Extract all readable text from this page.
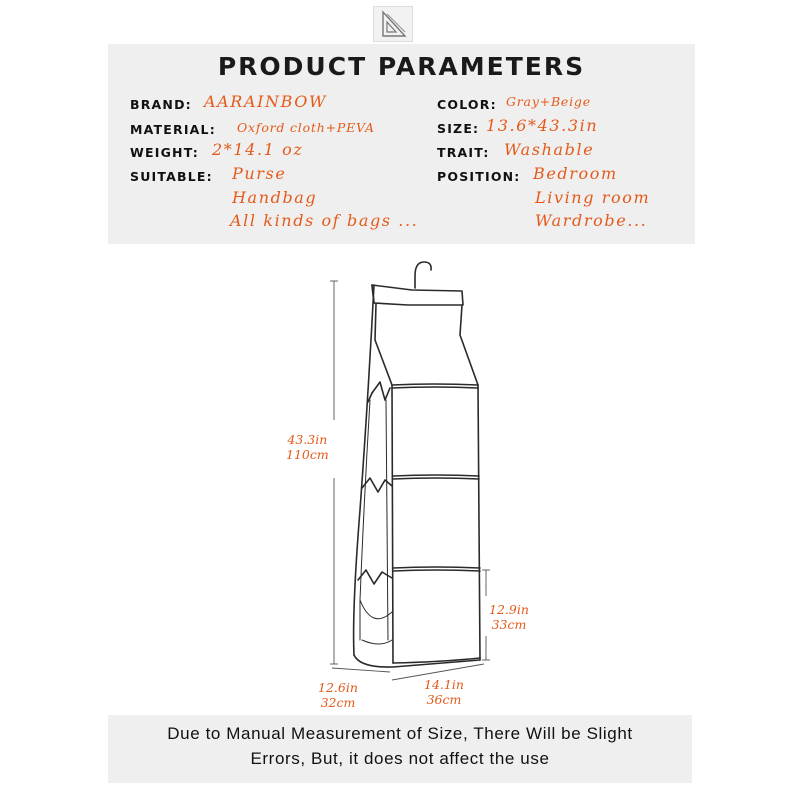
PRODUCT PARAMETERS
BRAND: AARAINBOW
MATERIAL: Oxford cloth+PEVA
WEIGHT: 2*14.1 oz
SUITABLE: Purse
Handbag
All kinds of bags ...
COLOR: Gray+Beige
SIZE: 13.6*43.3in
TRAIT: Washable
POSITION: Bedroom
Living room
Wardrobe...
43.3in
110cm
12.9in
33cm
12.6in
32cm
14.1in
36cm
Due to Manual Measurement of Size, There Will be Slight
Errors, But, it does not affect the use
